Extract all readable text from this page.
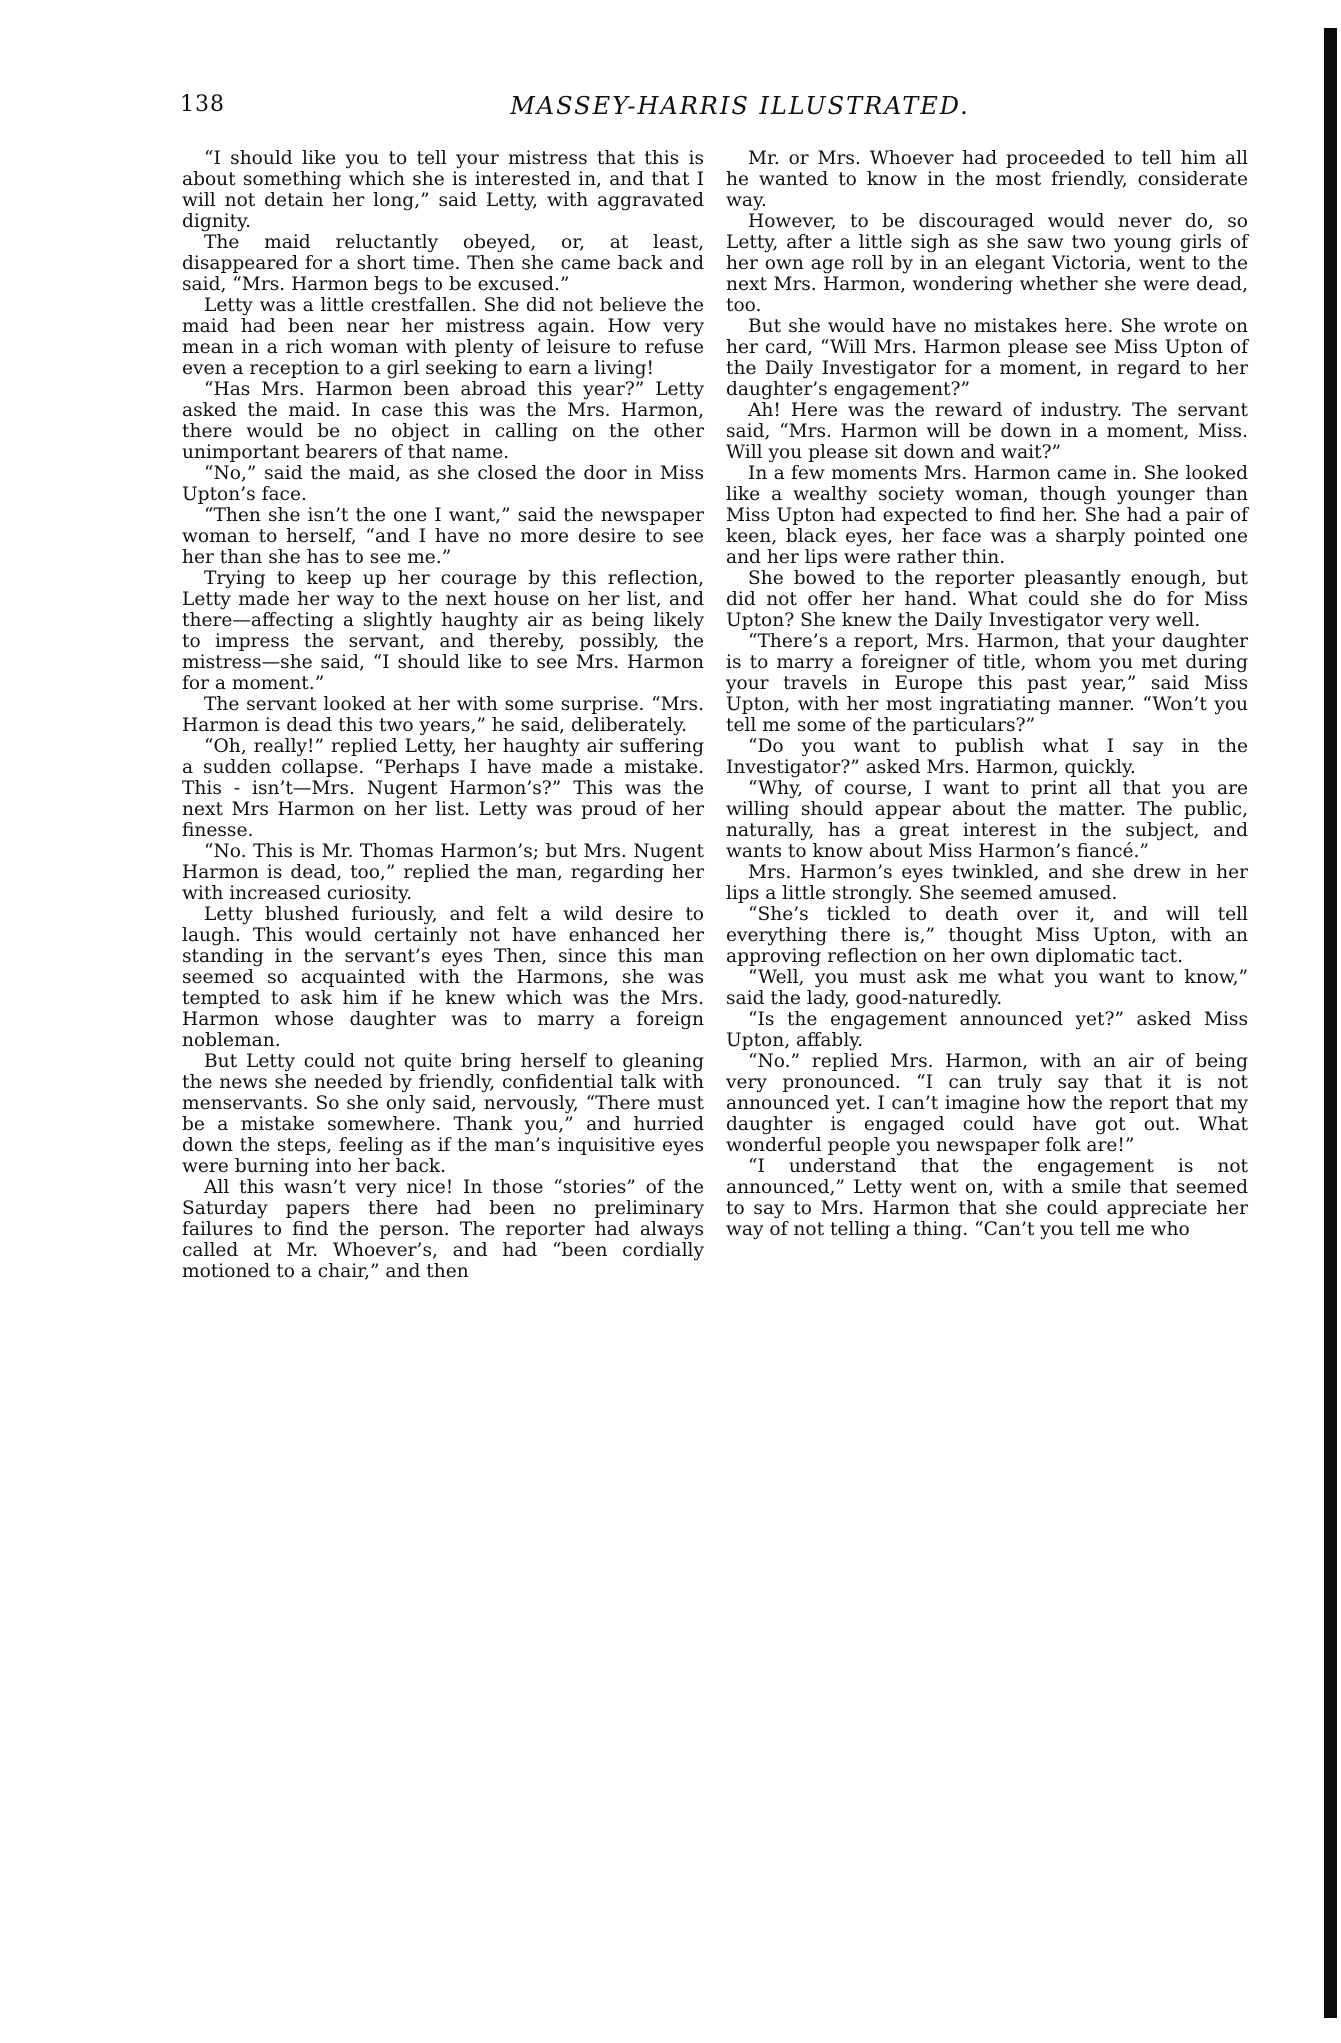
138	MASSEY-HARRIS ILLUSTRATED.

“I should like you to tell your mistress that this is about something which she is interested in, and that I will not detain her long,” said Letty, with aggravated dignity.

The maid reluctantly obeyed, or, at least, disappeared for a short time. Then she came back and said, “Mrs. Harmon begs to be excused.”

Letty was a little crestfallen. She did not believe the maid had been near her mistress again. How very mean in a rich woman with plenty of leisure to refuse even a reception to a girl seeking to earn a living!

“Has Mrs. Harmon been abroad this year?” Letty asked the maid. In case this was the Mrs. Harmon, there would be no object in calling on the other unimportant bearers of that name.

“No,” said the maid, as she closed the door in Miss Upton’s face.

“Then she isn’t the one I want,” said the newspaper woman to herself, “and I have no more desire to see her than she has to see me.”

Trying to keep up her courage by this reflection, Letty made her way to the next house on her list, and there—affecting a slightly haughty air as being likely to impress the servant, and thereby, possibly, the mistress—she said, “I should like to see Mrs. Harmon for a moment.”

The servant looked at her with some surprise. “Mrs. Harmon is dead this two years,” he said, deliberately.

“Oh, really!” replied Letty, her haughty air suffering a sudden collapse. “Perhaps I have made a mistake. This - isn’t—Mrs. Nugent Harmon’s?” This was the next Mrs Harmon on her list. Letty was proud of her finesse.

“No. This is Mr. Thomas Harmon’s; but Mrs. Nugent Harmon is dead, too,” replied the man, regarding her with increased curiosity.

Letty blushed furiously, and felt a wild desire to laugh. This would certainly not have enhanced her standing in the servant’s eyes Then, since this man seemed so acquainted with the Harmons, she was tempted to ask him if he knew which was the Mrs. Harmon whose daughter was to marry a foreign nobleman.

But Letty could not quite bring herself to gleaning the news she needed by friendly, confidential talk with menservants. So she only said, nervously, “There must be a mistake somewhere. Thank you,” and hurried down the steps, feeling as if the man’s inquisitive eyes were burning into her back.

All this wasn’t very nice! In those “stories” of the Saturday papers there had been no preliminary failures to find the person. The reporter had always called at Mr. Whoever’s, and had “been cordially motioned to a chair,” and then

Mr. or Mrs. Whoever had proceeded to tell him all he wanted to know in the most friendly, considerate way.

However, to be discouraged would never do, so Letty, after a little sigh as she saw two young girls of her own age roll by in an elegant Victoria, went to the next Mrs. Harmon, wondering whether she were dead, too.

But she would have no mistakes here. She wrote on her card, “Will Mrs. Harmon please see Miss Upton of the Daily Investigator for a moment, in regard to her daughter’s engagement?”

Ah! Here was the reward of industry. The servant said, “Mrs. Harmon will be down in a moment, Miss. Will you please sit down and wait?”

In a few moments Mrs. Harmon came in. She looked like a wealthy society woman, though younger than Miss Upton had expected to find her. She had a pair of keen, black eyes, her face was a sharply pointed one and her lips were rather thin.

She bowed to the reporter pleasantly enough, but did not offer her hand. What could she do for Miss Upton? She knew the Daily Investigator very well.

“There’s a report, Mrs. Harmon, that your daughter is to marry a foreigner of title, whom you met during your travels in Europe this past year,” said Miss Upton, with her most ingratiating manner. “Won’t you tell me some of the particulars?”

“Do you want to publish what I say in the Investigator?” asked Mrs. Harmon, quickly.

“Why, of course, I want to print all that you are willing should appear about the matter. The public, naturally, has a great interest in the subject, and wants to know about Miss Harmon’s fiancé.”

Mrs. Harmon’s eyes twinkled, and she drew in her lips a little strongly. She seemed amused.

“She’s tickled to death over it, and will tell everything there is,” thought Miss Upton, with an approving reflection on her own diplomatic tact.

“Well, you must ask me what you want to know,” said the lady, good-naturedly.

“Is the engagement announced yet?” asked Miss Upton, affably.

“No.” replied Mrs. Harmon, with an air of being very pronounced. “I can truly say that it is not announced yet. I can’t imagine how the report that my daughter is engaged could have got out. What wonderful people you newspaper folk are!”

“I understand that the engagement is not announced,” Letty went on, with a smile that seemed to say to Mrs. Harmon that she could appreciate her way of not telling a thing. “Can’t you tell me who
